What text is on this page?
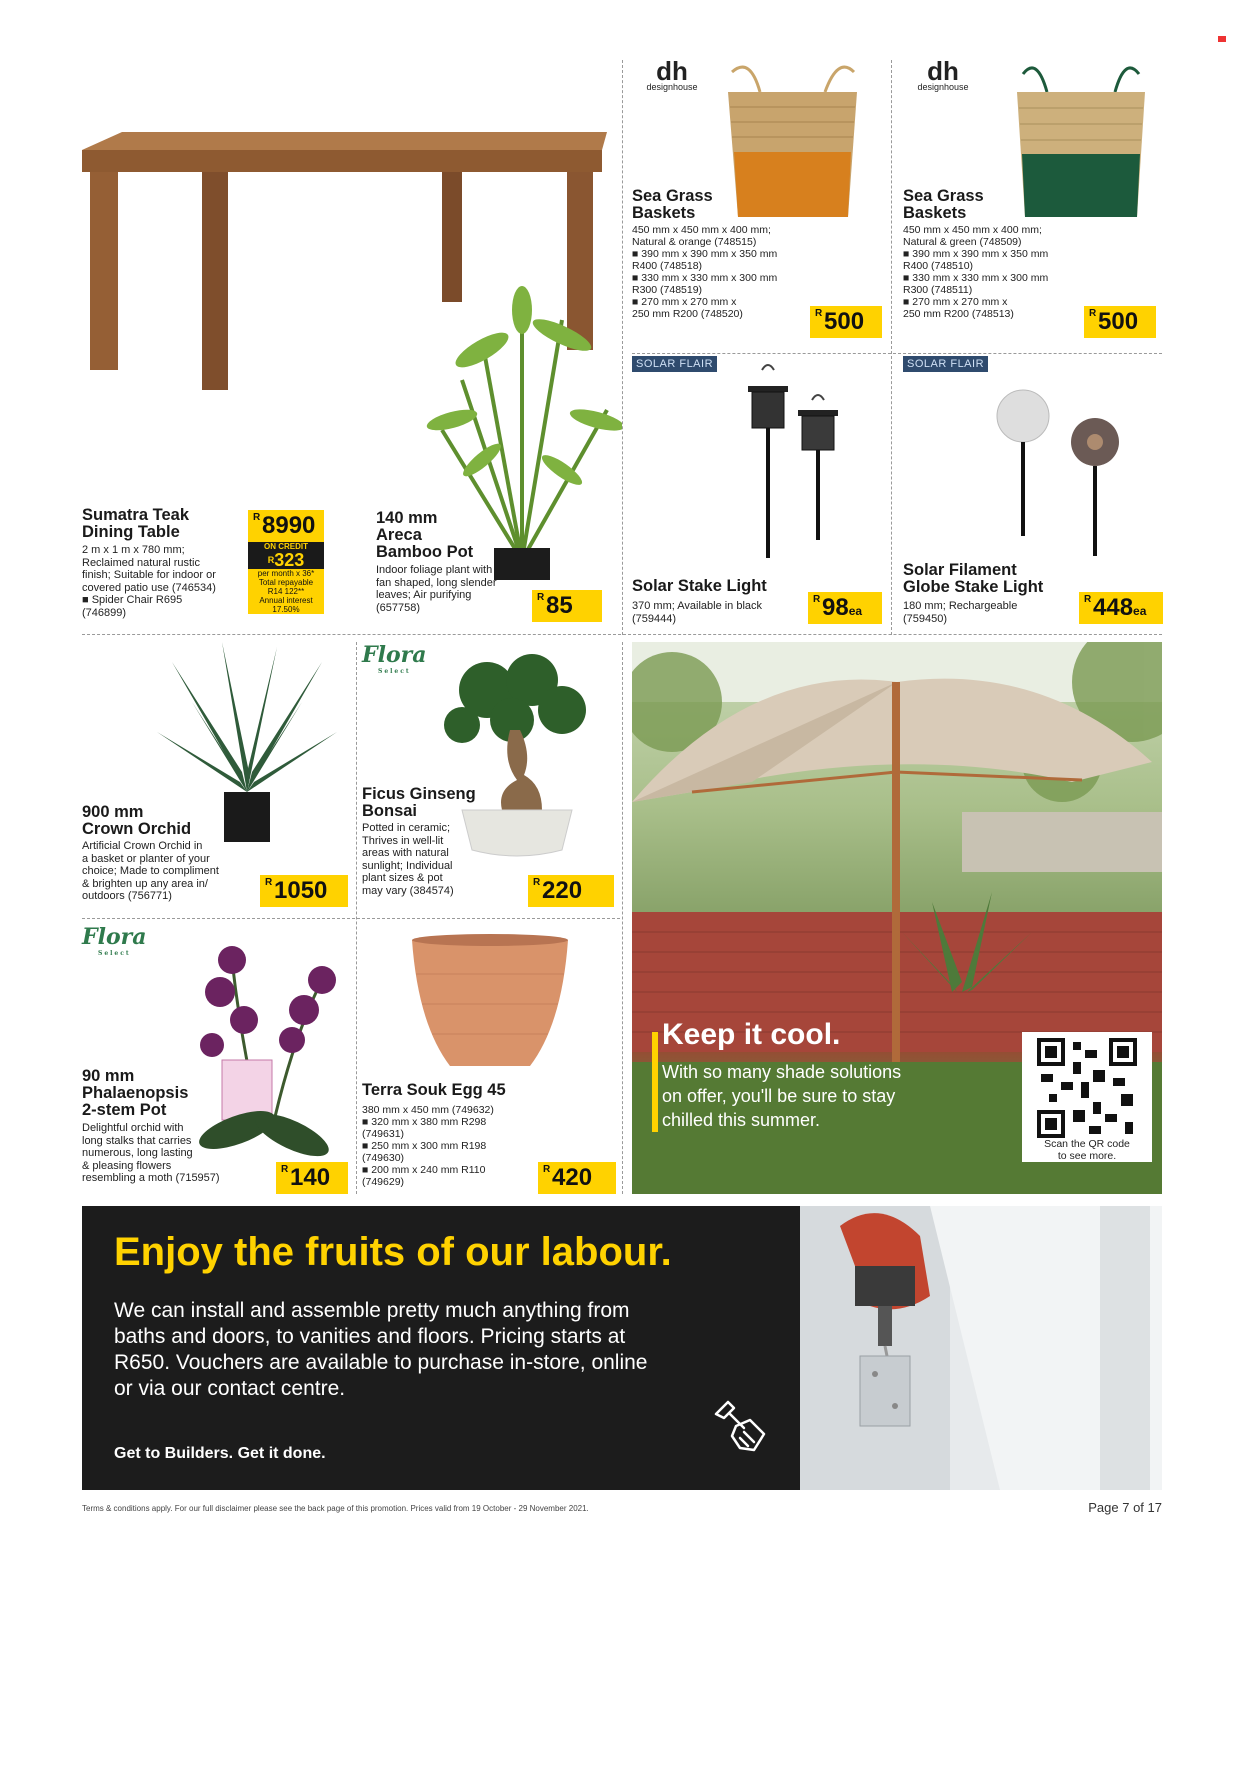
Sumatra Teak
Dining Table
2 m x 1 m x 780 mm;
Reclaimed natural rustic
finish; Suitable for indoor or
covered patio use (746534)
■ Spider Chair R695
(746899)
R 8990
ON CREDIT
$^R$323
per month x 36*
Total repayable
R14 122**
Annual interest
17.50%
140 mm
Areca
Bamboo Pot
Indoor foliage plant with
fan shaped, long slender
leaves; Air purifying
(657758)
R 85
dh
designhouse
Sea Grass
Baskets
450 mm x 450 mm x 400 mm;
Natural & orange (748515)
■ 390 mm x 390 mm x 350 mm
R400 (748518)
■ 330 mm x 330 mm x 300 mm
R300 (748519)
■ 270 mm x 270 mm x
250 mm R200 (748520)	R 500
dh
designhouse
Sea Grass
Baskets
450 mm x 450 mm x 400 mm;
Natural & green (748509)
■ 390 mm x 390 mm x 350 mm
R400 (748510)
■ 330 mm x 330 mm x 300 mm
R300 (748511)
■ 270 mm x 270 mm x
250 mm R200 (748513)	R 500
SOLAR FLAIR
Solar Stake Light
370 mm; Available in black
(759444)
R 98ea
SOLAR FLAIR
Solar Filament
Globe Stake Light
180 mm; Rechargeable
(759450)
R 448ea
900 mm
Crown Orchid
Artificial Crown Orchid in
a basket or planter of your
choice; Made to compliment
& brighten up any area in/
outdoors (756771)
R 1050
Flora
Select
Ficus Ginseng
Bonsai
Potted in ceramic;
Thrives in well-lit
areas with natural
sunlight; Individual
plant sizes & pot
may vary (384574)
R 220
Flora
Select
90 mm
Phalaenopsis
2-stem Pot
Delightful orchid with
long stalks that carries
numerous, long lasting
& pleasing flowers
resembling a moth (715957)
R 140
Terra Souk Egg 45
380 mm x 450 mm (749632)
■ 320 mm x 380 mm R298
(749631)
■ 250 mm x 300 mm R198
(749630)
■ 200 mm x 240 mm R110
(749629)
R 420
Keep it cool.
With so many shade solutions
on offer, you'll be sure to stay
chilled this summer.
Scan the QR code
to see more.
Enjoy the fruits of our labour.
We can install and assemble pretty much anything from
baths and doors, to vanities and floors. Pricing starts at
R650. Vouchers are available to purchase in-store, online
or via our contact centre.
Get to Builders. Get it done.
Terms & conditions apply. For our full disclaimer please see the back page of this promotion. Prices valid from 19 October - 29 November 2021.	Page 7 of 17
